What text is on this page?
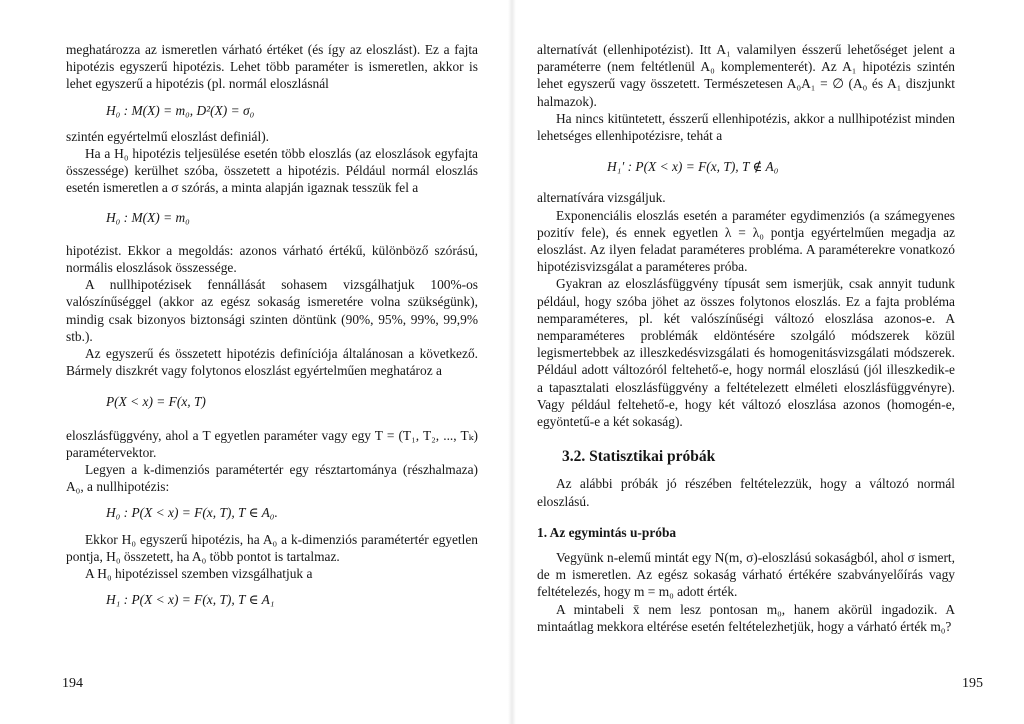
meghatározza az ismeretlen várható értéket (és így az eloszlást). Ez a fajta hipotézis egyszerű hipotézis. Lehet több paraméter is ismeretlen, akkor is lehet egyszerű a hipotézis (pl. normál eloszlásnál

H₀ : M(X) = m₀, D²(X) = σ₀

szintén egyértelmű eloszlást definiál).

Ha a H₀ hipotézis teljesülése esetén több eloszlás (az eloszlások egyfajta összessége) kerülhet szóba, összetett a hipotézis. Például normál eloszlás esetén ismeretlen a σ szórás, a minta alapján igaznak tesszük fel a

H₀ : M(X) = m₀

hipotézist. Ekkor a megoldás: azonos várható értékű, különböző szórású, normális eloszlások összessége.

A nullhipotézisek fennállását sohasem vizsgálhatjuk 100%-os valószínűséggel (akkor az egész sokaság ismeretére volna szükségünk), mindig csak bizonyos biztonsági szinten döntünk (90%, 95%, 99%, 99,9% stb.).

Az egyszerű és összetett hipotézis definíciója általánosan a következő. Bármely diszkrét vagy folytonos eloszlást egyértelműen meghatároz a

P(X < x) = F(x, T)

eloszlásfüggvény, ahol a T egyetlen paraméter vagy egy T = (T₁, T₂, ..., Tₖ) paramétervektor.

Legyen a k-dimenziós paramétertér egy résztartománya (részhalmaza) A₀, a nullhipotézis:

H₀ : P(X < x) = F(x, T), T ∈ A₀.

Ekkor H₀ egyszerű hipotézis, ha A₀ a k-dimenziós paramétertér egyetlen pontja, H₀ összetett, ha A₀ több pontot is tartalmaz.

A H₀ hipotézissel szemben vizsgálhatjuk a

H₁ : P(X < x) = F(x, T), T ∈ A₁

194

alternatívát (ellenhipotézist). Itt A₁ valamilyen ésszerű lehetőséget jelent a paraméterre (nem feltétlenül A₀ komplementerét). Az A₁ hipotézis szintén lehet egyszerű vagy összetett. Természetesen A₀A₁ = ∅ (A₀ és A₁ diszjunkt halmazok).

Ha nincs kitüntetett, ésszerű ellenhipotézis, akkor a nullhipotézist minden lehetséges ellenhipotézisre, tehát a

H₁′ : P(X < x) = F(x, T), T ∉ A₀

alternatívára vizsgáljuk.

Exponenciális eloszlás esetén a paraméter egydimenziós (a számegyenes pozitív fele), és ennek egyetlen λ = λ₀ pontja egyértelműen megadja az eloszlást. Az ilyen feladat paraméteres probléma. A paraméterekre vonatkozó hipotézisvizsgálat a paraméteres próba.

Gyakran az eloszlásfüggvény típusát sem ismerjük, csak annyit tudunk például, hogy szóba jöhet az összes folytonos eloszlás. Ez a fajta probléma nemparaméteres, pl. két valószínűségi változó eloszlása azonos-e. A nemparaméteres problémák eldöntésére szolgáló módszerek közül legismertebbek az illeszkedésvizsgálati és homogenitásvizsgálati módszerek. Például adott változóról feltehető-e, hogy normál eloszlású (jól illeszkedik-e a tapasztalati eloszlásfüggvény a feltételezett elméleti eloszlásfüggvényre). Vagy például feltehető-e, hogy két változó eloszlása azonos (homogén-e, egyöntetű-e a két sokaság).

3.2. Statisztikai próbák

Az alábbi próbák jó részében feltételezzük, hogy a változó normál eloszlású.

1. Az egymintás u-próba

Vegyünk n-elemű mintát egy N(m, σ)-eloszlású sokaságból, ahol σ ismert, de m ismeretlen. Az egész sokaság várható értékére szabványelőírás vagy feltételezés, hogy m = m₀ adott érték.

A mintabeli x̄ nem lesz pontosan m₀, hanem akörül ingadozik. A mintaátlag mekkora eltérése esetén feltételezhetjük, hogy a várható érték m₀?

195
